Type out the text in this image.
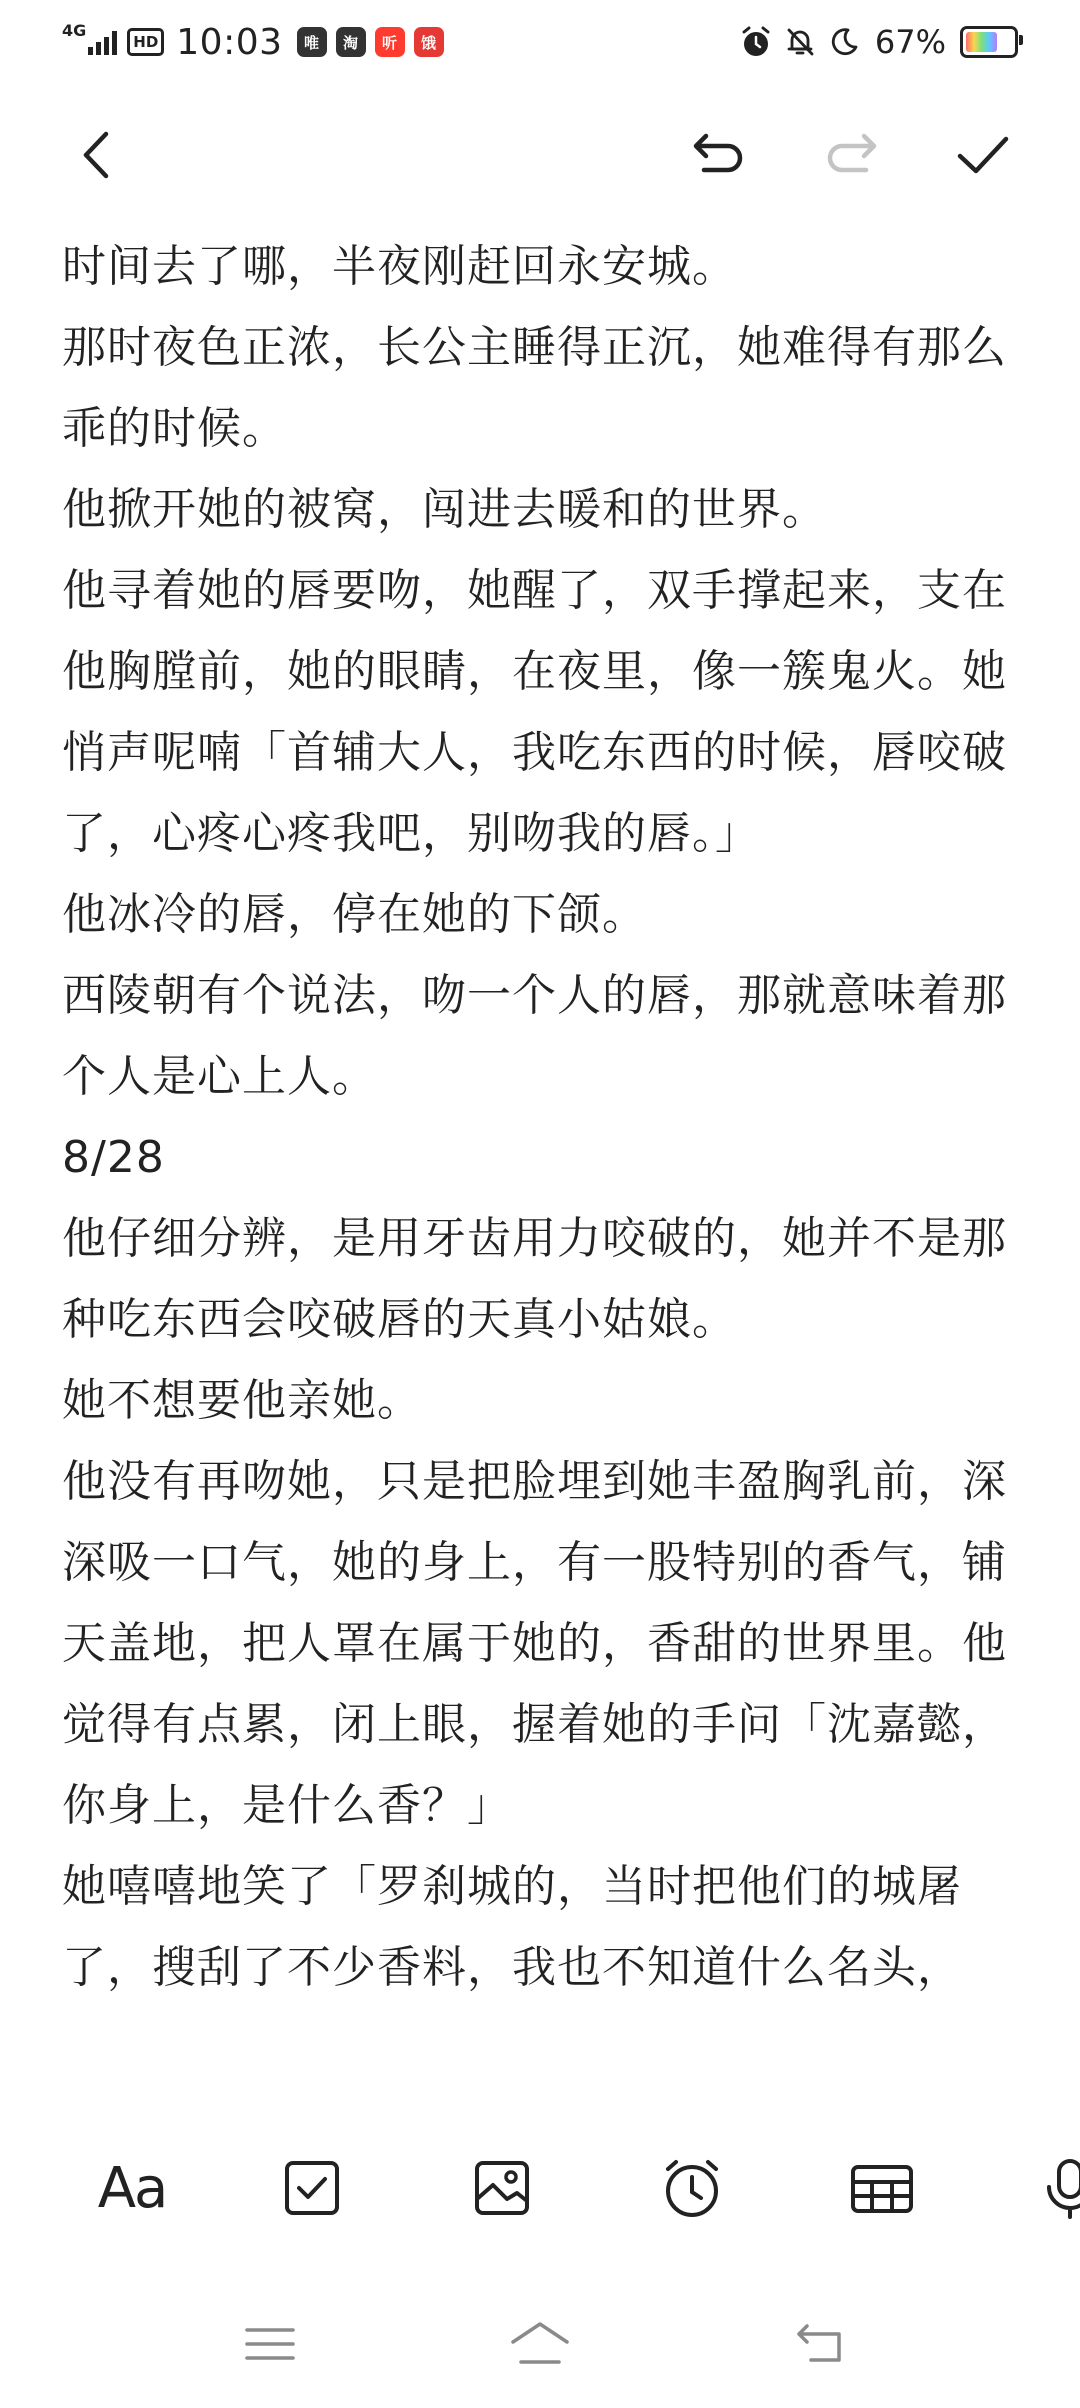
4G
HD 10:03	唯	淘	听	饿	67%

时间去了哪，半夜刚赶回永安城。

那时夜色正浓，长公主睡得正沉，她难得有那么乖的时候。

他掀开她的被窝，闯进去暖和的世界。

他寻着她的唇要吻，她醒了，双手撑起来，支在他胸膛前，她的眼睛，在夜里，像一簇鬼火。她悄声呢喃「首辅大人，我吃东西的时候，唇咬破了，心疼心疼我吧，别吻我的唇。」

他冰冷的唇，停在她的下颌。

西陵朝有个说法，吻一个人的唇，那就意味着那个人是心上人。

8/28

他仔细分辨，是用牙齿用力咬破的，她并不是那种吃东西会咬破唇的天真小姑娘。

她不想要他亲她。

他没有再吻她，只是把脸埋到她丰盈胸乳前，深深吸一口气，她的身上，有一股特别的香气，铺天盖地，把人罩在属于她的，香甜的世界里。他觉得有点累，闭上眼，握着她的手问「沈嘉懿，你身上，是什么香？」

她嘻嘻地笑了「罗刹城的，当时把他们的城屠了，搜刮了不少香料，我也不知道什么名头，

Aa
